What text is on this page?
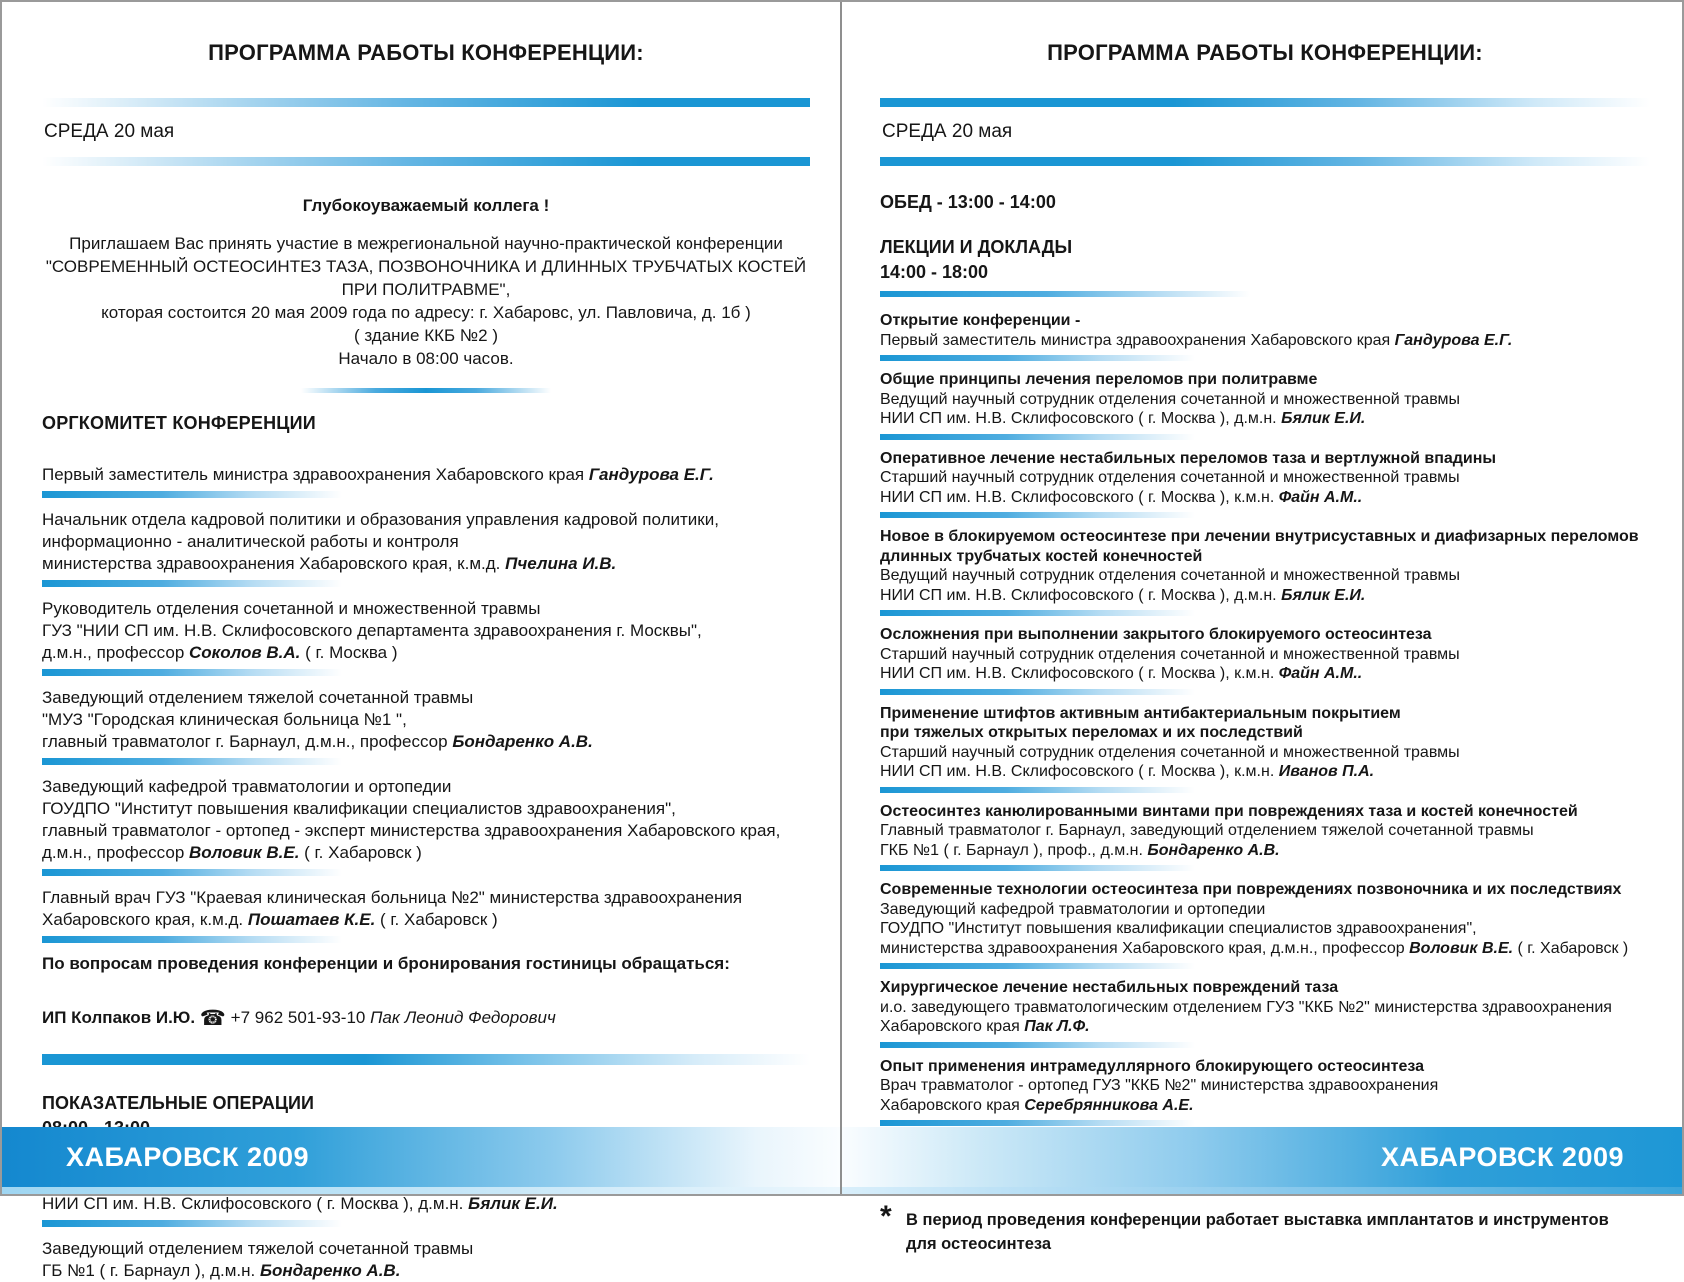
ПРОГРАММА РАБОТЫ КОНФЕРЕНЦИИ:
СРЕДА 20 мая
Глубокоуважаемый коллега !
Приглашаем Вас принять участие в межрегиональной научно-практической конференции
"СОВРЕМЕННЫЙ ОСТЕОСИНТЕЗ ТАЗА, ПОЗВОНОЧНИКА И ДЛИННЫХ ТРУБЧАТЫХ КОСТЕЙ
ПРИ ПОЛИТРАВМЕ",
которая состоится 20 мая 2009 года по адресу: г. Хабаровс, ул. Павловича, д. 1б )
( здание ККБ №2 )
Начало в 08:00 часов.
ОРГКОМИТЕТ КОНФЕРЕНЦИИ
Первый заместитель министра здравоохранения Хабаровского края Гандурова Е.Г.
Начальник отдела кадровой политики и образования управления кадровой политики,
информационно - аналитической работы и контроля
министерства здравоохранения Хабаровского края, к.м.д. Пчелина И.В.
Руководитель отделения сочетанной и множественной травмы
ГУЗ "НИИ СП им. Н.В. Склифосовского департамента здравоохранения г. Москвы",
д.м.н., профессор Соколов В.А. ( г. Москва )
Заведующий отделением тяжелой сочетанной травмы
"МУЗ "Городская клиническая больница №1 ",
главный травматолог г. Барнаул, д.м.н., профессор Бондаренко А.В.
Заведующий кафедрой травматологии и ортопедии
ГОУДПО "Институт повышения квалификации специалистов здравоохранения",
главный травматолог - ортопед - эксперт министерства здравоохранения Хабаровского края,
д.м.н., профессор Воловик В.Е. ( г. Хабаровск )
Главный врач ГУЗ "Краевая клиническая больница №2" министерства здравоохранения
Хабаровского края, к.м.д. Пошатаев К.Е. ( г. Хабаровск )
По вопросам проведения конференции и бронирования гостиницы обращаться:
ИП Колпаков И.Ю. ☎ +7 962 501-93-10 Пак Леонид Федорович
ПОКАЗАТЕЛЬНЫЕ ОПЕРАЦИИ
НИИ СП им. Н.В. Склифосовского ( г. Москва ), д.м.н. Бялик Е.И.
Заведующий отделением тяжелой сочетанной травмы
ГБ №1 ( г. Барнаул ), д.м.н. Бондаренко А.В.
ХАБАРОВСК 2009
ПРОГРАММА РАБОТЫ КОНФЕРЕНЦИИ:
СРЕДА 20 мая
ОБЕД - 13:00 - 14:00
ЛЕКЦИИ И ДОКЛАДЫ
14:00 - 18:00
Открытие конференции -
Первый заместитель министра здравоохранения Хабаровского края Гандурова Е.Г.
Общие принципы лечения переломов при политравме
Ведущий научный сотрудник отделения сочетанной и множественной травмы
НИИ СП им. Н.В. Склифосовского ( г. Москва ), д.м.н. Бялик Е.И.
Оперативное лечение нестабильных переломов таза и вертлужной впадины
Старший научный сотрудник отделения сочетанной и множественной травмы
НИИ СП им. Н.В. Склифосовского ( г. Москва ), к.м.н. Файн А.М..
Новое в блокируемом остеосинтезе при лечении внутрисуставных и диафизарных переломов
длинных трубчатых костей конечностей
Ведущий научный сотрудник отделения сочетанной и множественной травмы
НИИ СП им. Н.В. Склифосовского ( г. Москва ), д.м.н. Бялик Е.И.
Осложнения при выполнении закрытого блокируемого остеосинтеза
Старший научный сотрудник отделения сочетанной и множественной травмы
НИИ СП им. Н.В. Склифосовского ( г. Москва ), к.м.н. Файн А.М..
Применение штифтов активным антибактериальным покрытием
при тяжелых открытых переломах и их последствий
Старший научный сотрудник отделения сочетанной и множественной травмы
НИИ СП им. Н.В. Склифосовского ( г. Москва ), к.м.н. Иванов П.А.
Остеосинтез канюлированными винтами при повреждениях таза и костей конечностей
Главный травматолог г. Барнаул, заведующий отделением тяжелой сочетанной травмы
ГКБ №1 ( г. Барнаул ), проф., д.м.н. Бондаренко А.В.
Современные технологии остеосинтеза при повреждениях позвоночника и их последствиях
Заведующий кафедрой травматологии и ортопедии
ГОУДПО "Институт повышения квалификации специалистов здравоохранения",
министерства здравоохранения Хабаровского края, д.м.н., профессор Воловик В.Е. ( г. Хабаровск )
Хирургическое лечение нестабильных повреждений таза
и.о. заведующего травматологическим отделением ГУЗ "ККБ №2" министерства здравоохранения
Хабаровского края Пак Л.Ф.
Опыт применения интрамедуллярного блокирующего остеосинтеза
Врач травматолог - ортопед ГУЗ "ККБ №2" министерства здравоохранения
Хабаровского края Серебрянникова А.Е.
* В период проведения конференции работает выставка имплантатов и инструментов
для остеосинтеза
ХАБАРОВСК 2009
